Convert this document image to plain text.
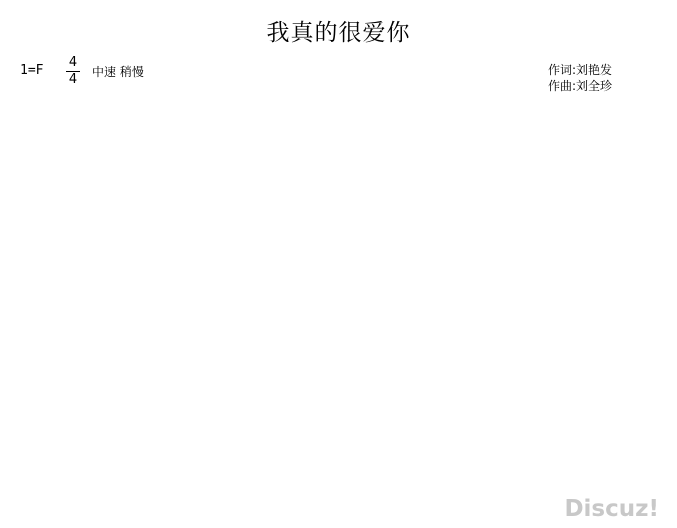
我真的很爱你
1=F
4
4 中速 稍慢	作词:刘艳发
作曲:刘全珍
Discuz!
